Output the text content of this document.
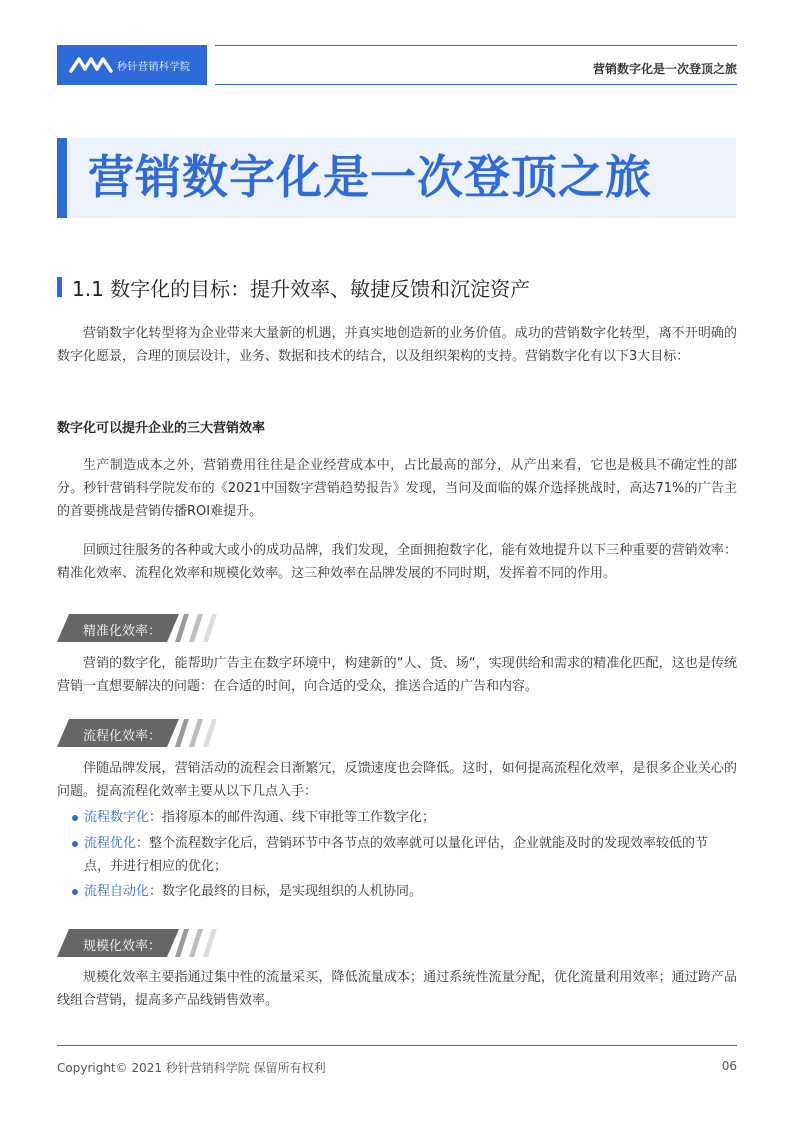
秒针营销科学院	营销数字化是一次登顶之旅
营销数字化是一次登顶之旅
1.1 数字化的目标：提升效率、敏捷反馈和沉淀资产

营销数字化转型将为企业带来大量新的机遇，并真实地创造新的业务价值。成功的营销数字化转型，离不开明确的数字化愿景，合理的顶层设计，业务、数据和技术的结合，以及组织架构的支持。营销数字化有以下3大目标：

数字化可以提升企业的三大营销效率

生产制造成本之外，营销费用往往是企业经营成本中，占比最高的部分，从产出来看，它也是极具不确定性的部分。秒针营销科学院发布的《2021中国数字营销趋势报告》发现，当问及面临的媒介选择挑战时，高达71%的广告主的首要挑战是营销传播ROI难提升。

回顾过往服务的各种或大或小的成功品牌，我们发现，全面拥抱数字化，能有效地提升以下三种重要的营销效率：精准化效率、流程化效率和规模化效率。这三种效率在品牌发展的不同时期，发挥着不同的作用。

精准化效率：

营销的数字化，能帮助广告主在数字环境中，构建新的“人、货、场“，实现供给和需求的精准化匹配，这也是传统营销一直想要解决的问题：在合适的时间，向合适的受众，推送合适的广告和内容。

流程化效率：

伴随品牌发展，营销活动的流程会日渐繁冗，反馈速度也会降低。这时，如何提高流程化效率，是很多企业关心的问题。提高流程化效率主要从以下几点入手：

流程数字化：指将原本的邮件沟通、线下审批等工作数字化；
流程优化：整个流程数字化后，营销环节中各节点的效率就可以量化评估，企业就能及时的发现效率较低的节点，并进行相应的优化；
流程自动化：数字化最终的目标，是实现组织的人机协同。
规模化效率：

规模化效率主要指通过集中性的流量采买，降低流量成本；通过系统性流量分配，优化流量利用效率；通过跨产品线组合营销，提高多产品线销售效率。

Copyright© 2021 秒针营销科学院 保留所有权利	06
